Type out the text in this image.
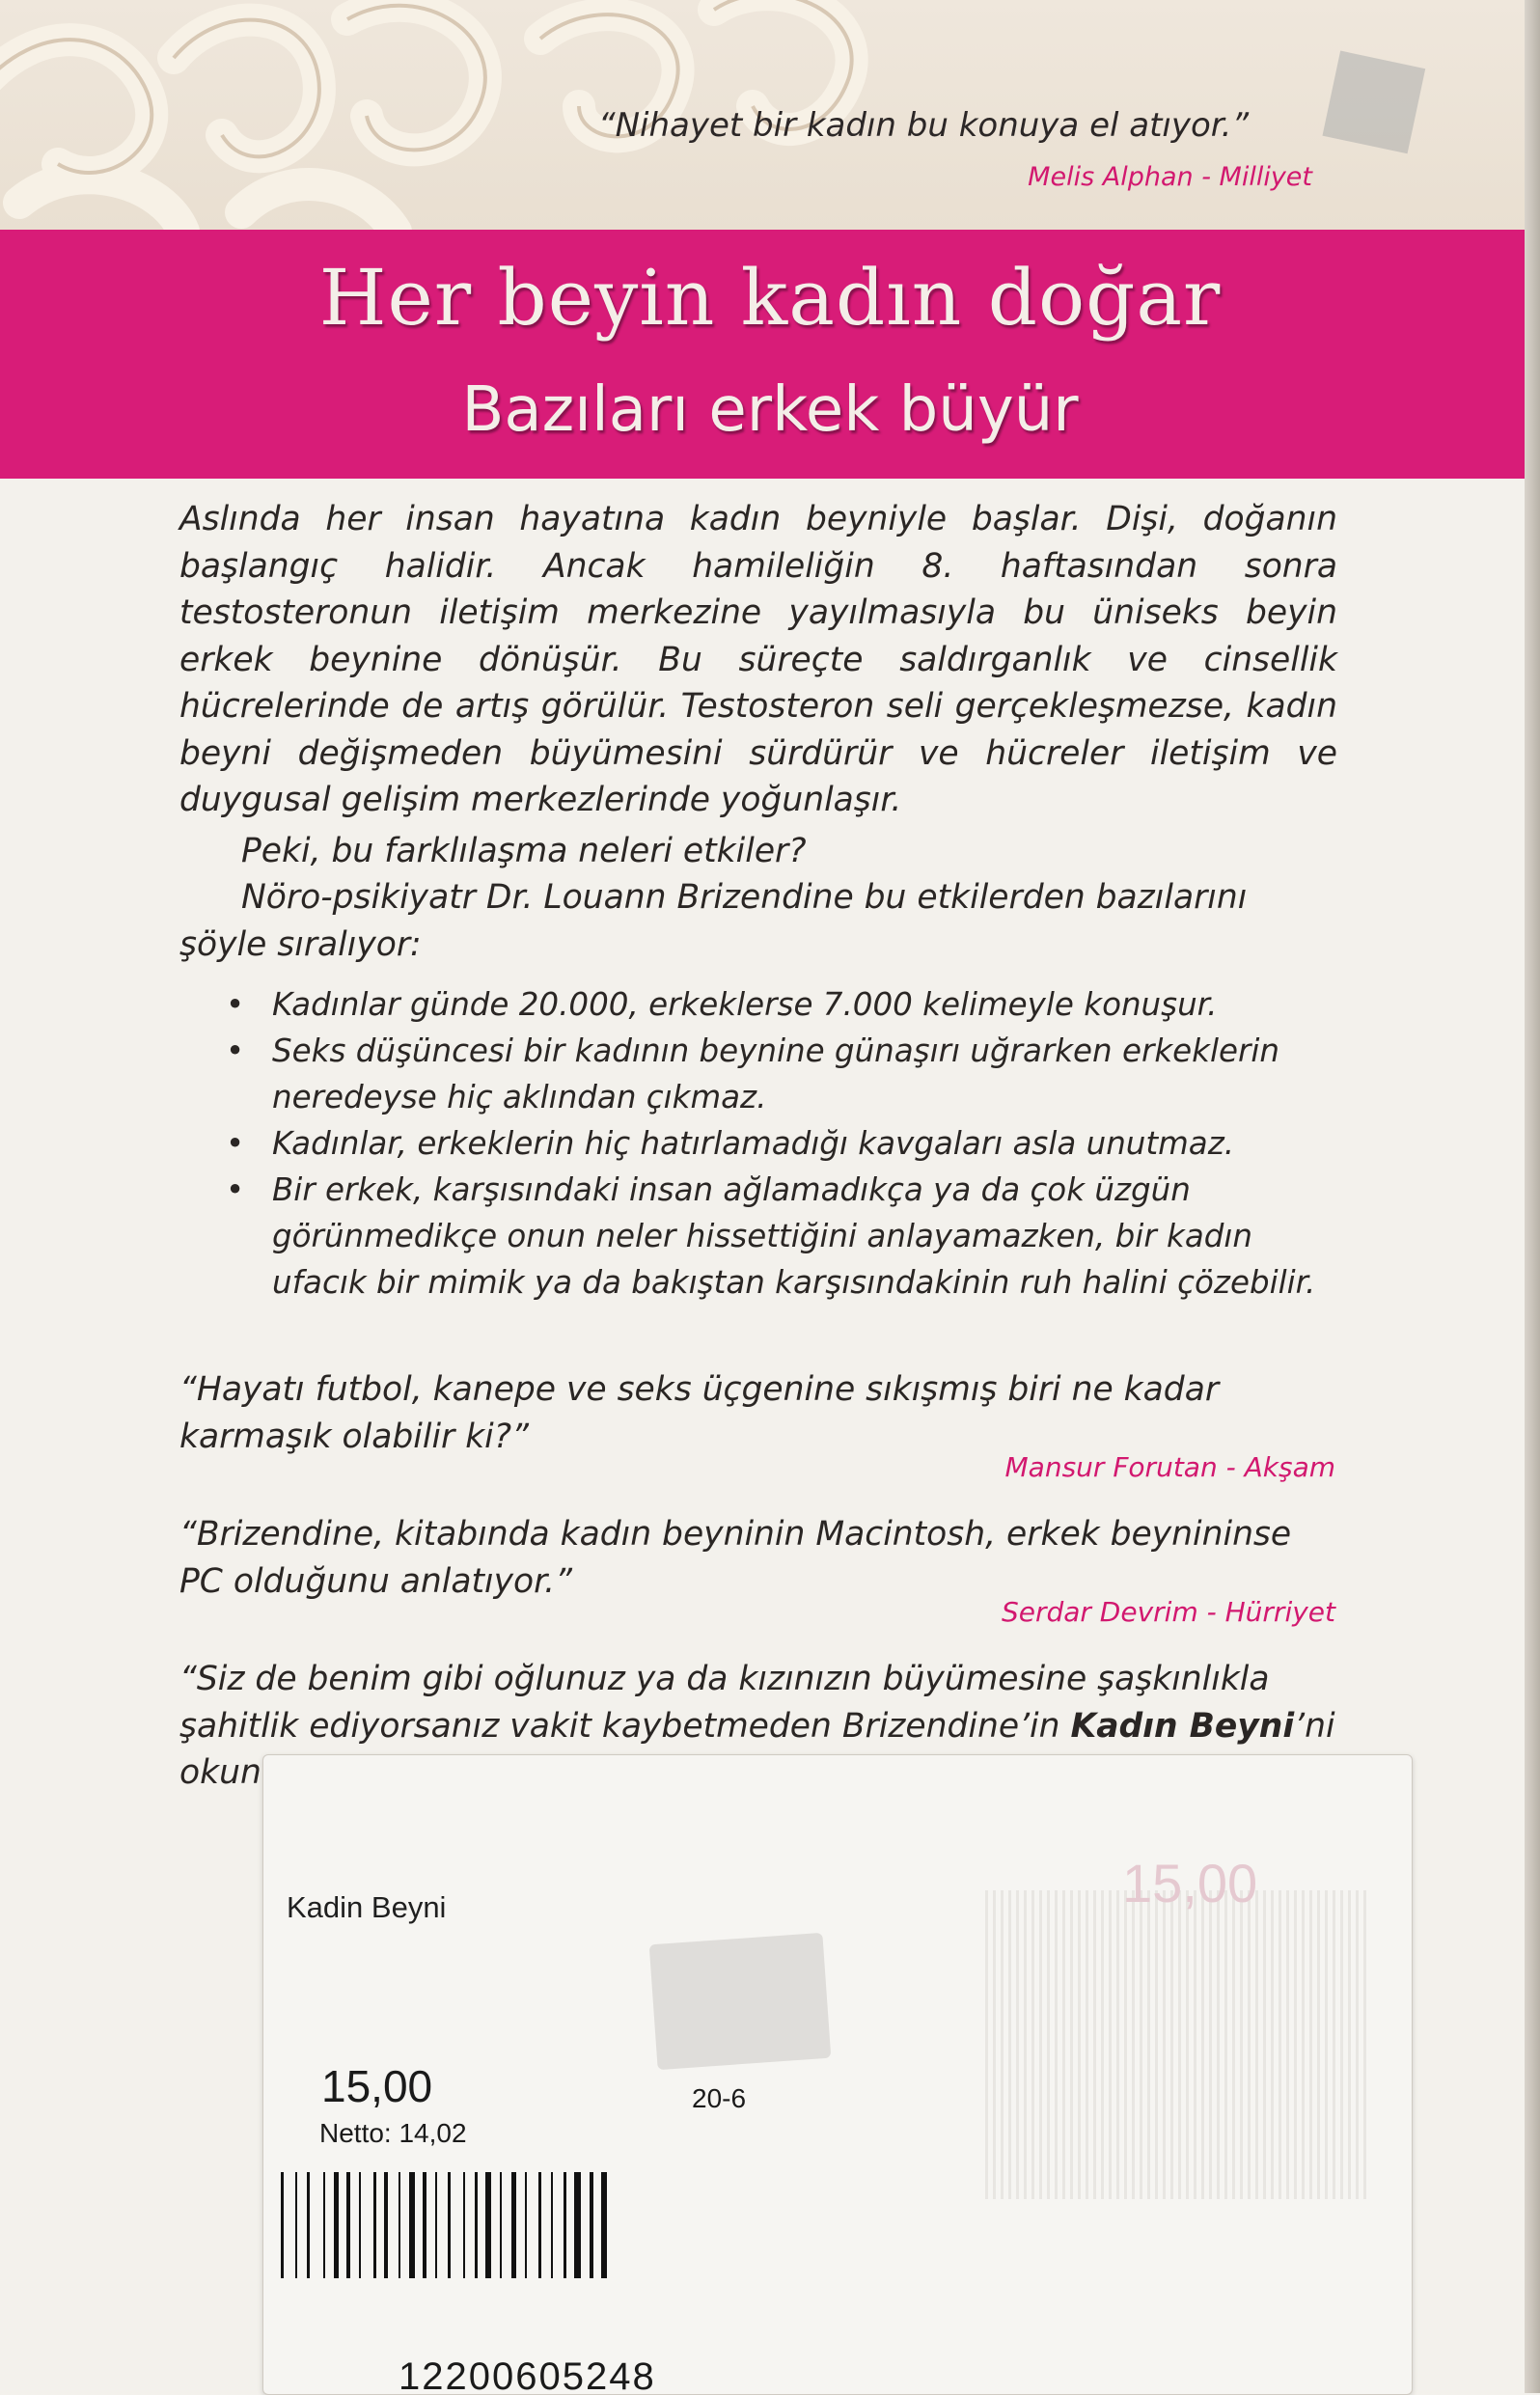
“Nihayet bir kadın bu konuya el atıyor.”
Melis Alphan - Milliyet
Her beyin kadın doğar
Bazıları erkek büyür

Aslında her insan hayatına kadın beyniyle başlar. Dişi, doğanın başlangıç halidir. Ancak hamileliğin 8. haftasından sonra testosteronun iletişim merkezine yayılmasıyla bu üniseks beyin erkek beynine dönüşür. Bu süreçte saldırganlık ve cinsellik hücrelerinde de artış görülür. Testosteron seli gerçekleşmezse, kadın beyni değişmeden büyümesini sürdürür ve hücreler iletişim ve duygusal gelişim merkezlerinde yoğunlaşır.

Peki, bu farklılaşma neleri etkiler?

Nöro-psikiyatr Dr. Louann Brizendine bu etkilerden bazılarını şöyle sıralıyor:

• Kadınlar günde 20.000, erkeklerse 7.000 kelimeyle konuşur.
• Seks düşüncesi bir kadının beynine günaşırı uğrarken erkeklerin neredeyse hiç aklından çıkmaz.
• Kadınlar, erkeklerin hiç hatırlamadığı kavgaları asla unutmaz.
• Bir erkek, karşısındaki insan ağlamadıkça ya da çok üzgün görünmedikçe onun neler hissettiğini anlayamazken, bir kadın ufacık bir mimik ya da bakıştan karşısındakinin ruh halini çözebilir.
“Hayatı futbol, kanepe ve seks üçgenine sıkışmış biri ne kadar karmaşık olabilir ki?”
Mansur Forutan - Akşam
“Brizendine, kitabında kadın beyninin Macintosh, erkek beynininse PC olduğunu anlatıyor.”
Serdar Devrim - Hürriyet
“Siz de benim gibi oğlunuz ya da kızınızın büyümesine şaşkınlıkla şahitlik ediyorsanız vakit kaybetmeden Brizendine’in Kadın Beyni’ni okun
15,00
Kadin Beyni
15,00
Netto: 14,02
20-6
12200605248
